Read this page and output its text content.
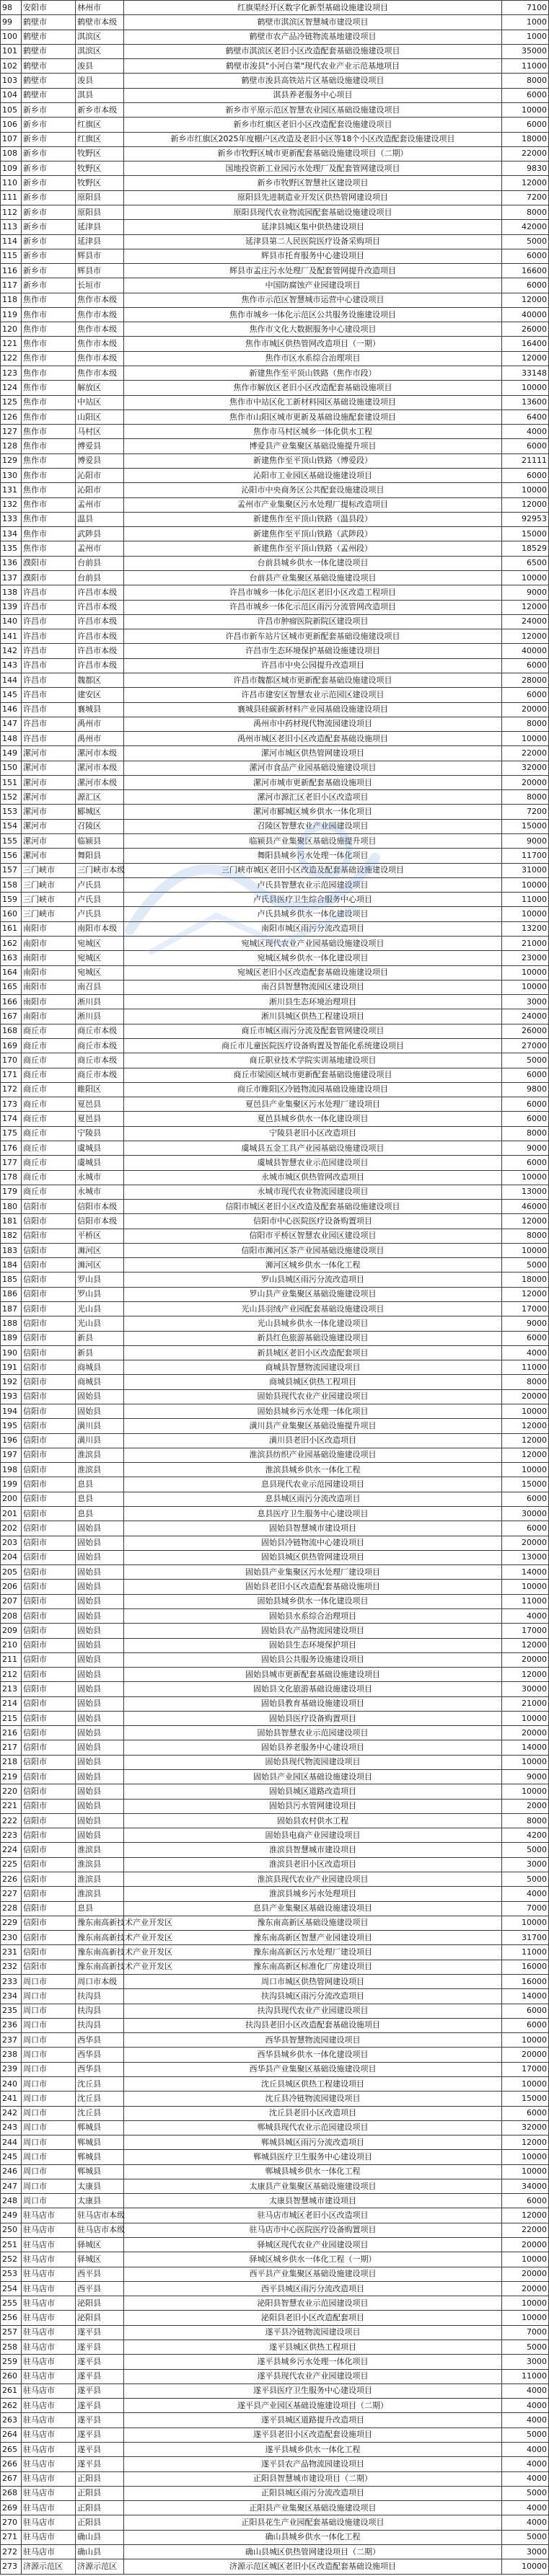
98	安阳市	林州市	红旗渠经开区数字化新型基础设施建设项目	7100
99	鹤壁市	鹤壁市本级	鹤壁市淇滨区智慧城市建设项目	1000
100	鹤壁市	淇滨区	鹤壁市农产品冷链物流基地建设项目	1000
101	鹤壁市	淇滨区	鹤壁市淇滨区老旧小区改造配套基础设施建设项目	35000
102	鹤壁市	浚县	鹤壁市浚县"小河白菜"现代农业产业示范基地项目	11000
103	鹤壁市	浚县	鹤壁市浚县高铁站片区基础设施建设项目	8000
104	鹤壁市	淇县	淇县养老服务中心项目	6000
105	新乡市	新乡市本级	新乡市平原示范区智慧农业园区基础设施建设项目	10000
106	新乡市	红旗区	新乡市红旗区老旧小区改造配套设施建设项目	6000
107	新乡市	红旗区	新乡市红旗区2025年度棚户区改造及老旧小区等18个小区改造配套设施建设项目	18000
108	新乡市	牧野区	新乡市牧野区城市更新配套基础设施建设项目（二期）	22000
109	新乡市	牧野区	国地投资新工业园污水处理厂及配套管网建设项目	9830
110	新乡市	牧野区	新乡市牧野区智慧社区建设项目	12000
111	新乡市	原阳县	原阳县先进制造业开发区供热管网建设项目	7200
112	新乡市	原阳县	原阳县现代农业物流园配套基础设施建设项目	8000
113	新乡市	延津县	延津县城区集中供热建设项目	42000
114	新乡市	延津县	延津县第二人民医院医疗设备采购项目	5000
115	新乡市	辉县市	辉县市托育服务中心建设项目	6000
116	新乡市	辉县市	辉县市孟庄污水处理厂及配套管网提升改造项目	16600
117	新乡市	长垣市	中国防腐蚀产业园建设项目	6000
118	焦作市	焦作市本级	焦作市示范区智慧城市运营中心建设项目	12000
119	焦作市	焦作市本级	焦作市城乡一体化示范区公共服务设施建设项目	40000
120	焦作市	焦作市本级	焦作市文化大数据服务中心建设项目	26000
121	焦作市	焦作市本级	焦作市城区供热管网改造项目（一期）	16400
122	焦作市	焦作市本级	焦作市区水系综合治理项目	12000
123	焦作市	焦作市本级	新建焦作至平顶山铁路（焦作市段）	33148
124	焦作市	解放区	焦作市解放区老旧小区改造配套基础设施项目	10000
125	焦作市	中站区	焦作市中站区化工新材料园区基础设施建设项目	13600
126	焦作市	山阳区	焦作市山阳区城市更新及基础设施配套建设项目	6400
127	焦作市	马村区	焦作市马村区城乡一体化供水工程	4000
128	焦作市	博爱县	博爱县产业集聚区基础设施提升项目	6000
129	焦作市	博爱县	新建焦作至平顶山铁路（博爱段）	21111
130	焦作市	沁阳市	沁阳市工业园区基础设施建设项目	6000
131	焦作市	沁阳市	沁阳市中央商务区公共配套设施建设项目	10000
132	焦作市	孟州市	孟州市产业集聚区污水处理厂提标改造项目	12000
133	焦作市	温县	新建焦作至平顶山铁路（温县段）	92953
134	焦作市	武陟县	新建焦作至平顶山铁路（武陟段）	15000
135	焦作市	孟州市	新建焦作至平顶山铁路（孟州段）	18529
136	濮阳市	台前县	台前县城乡供水一体化建设项目	6500
137	濮阳市	台前县	台前县产业集聚区基础设施建设项目	10000
138	许昌市	许昌市本级	许昌市城乡一体化示范区老旧小区改造工程项目	9000
139	许昌市	许昌市本级	许昌市城乡一体化示范区雨污分流管网改造项目	12000
140	许昌市	许昌市本级	许昌市肿瘤医院新院区建设项目	24000
141	许昌市	许昌市本级	许昌市新车站片区城市更新配套基础设施建设项目	12000
142	许昌市	许昌市本级	许昌市生态环境保护基础设施建设项目	40000
143	许昌市	许昌市本级	许昌市中央公园提升改造项目	6000
144	许昌市	魏都区	许昌市魏都区城市更新配套基础设施建设项目	28000
145	许昌市	建安区	许昌市建安区智慧农业示范园区建设项目	6000
146	许昌市	襄城县	襄城县硅碳新材料产业园基础设施建设项目	20000
147	许昌市	禹州市	禹州市中药材现代物流园建设项目	8000
148	许昌市	禹州市	禹州市城区老旧小区改造配套基础设施项目	10000
149	漯河市	漯河市本级	漯河市城区供热管网建设项目	22000
150	漯河市	漯河市本级	漯河市食品产业园基础设施建设项目	32000
151	漯河市	漯河市本级	漯河市城市更新配套基础设施项目	20000
152	漯河市	源汇区	漯河市源汇区老旧小区改造项目	8000
153	漯河市	郾城区	漯河市郾城区城乡供水一体化项目	7200
154	漯河市	召陵区	召陵区智慧农业产业园建设项目	15000
155	漯河市	临颍县	临颍县产业集聚区基础设施提升项目	9000
156	漯河市	舞阳县	舞阳县城乡污水处理一体化项目	11700
157	三门峡市	三门峡市本级	三门峡市城区老旧小区改造及配套基础设施建设项目	31000
158	三门峡市	卢氏县	卢氏县智慧农业示范园建设项目	10000
159	三门峡市	卢氏县	卢氏县医疗卫生综合服务中心项目	11000
160	三门峡市	卢氏县	卢氏县城乡供水一体化建设项目	10000
161	南阳市	南阳市本级	南阳市城区雨污分流改造项目	13200
162	南阳市	宛城区	宛城区现代农业产业园基础设施建设项目	21000
163	南阳市	宛城区	宛城区城乡供水一体化建设项目	23000
164	南阳市	宛城区	宛城区老旧小区改造配套基础设施建设项目	10000
165	南阳市	南召县	南召县智慧物流园区建设项目	10000
166	南阳市	淅川县	淅川县生态环境治理项目	3000
167	南阳市	淅川县	淅川县城区供热工程建设项目	24000
168	商丘市	商丘市本级	商丘市城区雨污分流及配套管网建设项目	26000
169	商丘市	商丘市本级	商丘市儿童医院医疗设备购置及智能化系统建设项目	27000
170	商丘市	商丘市本级	商丘职业技术学院实训基地建设项目	5000
171	商丘市	商丘市本级	商丘市梁园区城市更新配套基础设施建设项目	6000
172	商丘市	睢阳区	商丘市睢阳区冷链物流园基础设施建设项目	9800
173	商丘市	夏邑县	夏邑县产业集聚区污水处理厂建设项目	6000
174	商丘市	夏邑县	夏邑县城乡供水一体化建设项目	6000
175	商丘市	宁陵县	宁陵县老旧小区改造项目	8000
176	商丘市	虞城县	虞城县五金工具产业园基础设施建设项目	9000
177	商丘市	虞城县	虞城县智慧农业示范园建设项目	6000
178	商丘市	永城市	永城市城区供热管网改造项目	10000
179	商丘市	永城市	永城市现代农业物流园建设项目	13000
180	信阳市	信阳市本级	信阳市城区老旧小区改造及配套基础设施建设项目	46000
181	信阳市	信阳市本级	信阳市中心医院医疗设备购置项目	12000
182	信阳市	平桥区	信阳市平桥区智慧农业园区建设项目	8000
183	信阳市	浉河区	信阳市浉河区茶产业园基础设施建设项目	10000
184	信阳市	浉河区	浉河区城乡供水一体化工程	5000
185	信阳市	罗山县	罗山县城区雨污分流改造项目	18000
186	信阳市	罗山县	罗山县产业集聚区基础设施建设项目	12000
187	信阳市	光山县	光山县羽绒产业园配套基础设施建设项目	17000
188	信阳市	光山县	光山县城乡供水一体化建设项目	9000
189	信阳市	新县	新县红色旅游基础设施建设项目	6000
190	信阳市	新县	新县城区老旧小区改造配套项目	4000
191	信阳市	商城县	商城县智慧物流园建设项目	11000
192	信阳市	商城县	商城县城区供热工程项目	8000
193	信阳市	固始县	固始县现代农业产业园建设项目	20000
194	信阳市	固始县	固始县城乡污水处理一体化项目	10000
195	信阳市	潢川县	潢川县产业集聚区基础设施提升项目	12000
196	信阳市	潢川县	潢川县老旧小区改造项目	12000
197	信阳市	淮滨县	淮滨县纺织产业园基础设施建设项目	12000
198	信阳市	淮滨县	淮滨县城乡供水一体化工程	10000
199	信阳市	息县	息县现代农业示范园建设项目	15000
200	信阳市	息县	息县城区雨污分流改造项目	6000
201	信阳市	息县	息县医疗卫生服务中心建设项目	30000
202	信阳市	固始县	固始县智慧城市建设项目	6000
203	信阳市	固始县	固始县冷链物流中心建设项目	20000
204	信阳市	固始县	固始县城区供热管网建设项目	13000
205	信阳市	固始县	固始县产业集聚区污水处理厂建设项目	14000
206	信阳市	固始县	固始县老旧小区改造配套基础设施项目	10000
207	信阳市	固始县	固始县城乡供水一体化建设项目	11000
208	信阳市	固始县	固始县水系综合治理项目	4000
209	信阳市	固始县	固始县农产品物流园建设项目	17000
210	信阳市	固始县	固始县生态环境保护项目	12000
211	信阳市	固始县	固始县公共服务设施建设项目	20000
212	信阳市	固始县	固始县城市更新配套基础设施建设项目	12000
213	信阳市	固始县	固始县文化旅游基础设施建设项目	30000
214	信阳市	固始县	固始县教育基础设施建设项目	21000
215	信阳市	固始县	固始县医疗设备购置项目	10000
216	信阳市	固始县	固始县智慧农业示范园建设项目	20000
217	信阳市	固始县	固始县养老服务中心建设项目	14000
218	信阳市	固始县	固始县现代物流园建设项目	10000
219	信阳市	固始县	固始县产业园区基础设施建设项目	9000
220	信阳市	固始县	固始县城区道路改造项目	10000
221	信阳市	固始县	固始县污水管网建设项目	2000
222	信阳市	固始县	固始县农村供水工程	8000
223	信阳市	固始县	固始县电商产业园建设项目	4200
224	信阳市	淮滨县	淮滨县智慧城市建设项目	5000
225	信阳市	淮滨县	淮滨县老旧小区改造项目	3000
226	信阳市	淮滨县	淮滨县现代农业产业园建设项目	5000
227	信阳市	淮滨县	淮滨县城乡污水处理项目	4000
228	信阳市	息县	息县产业集聚区基础设施建设项目	7000
229	信阳市	豫东南高新技术产业开发区	豫东南高新区基础设施建设项目	10000
230	信阳市	豫东南高新技术产业开发区	豫东南高新区智慧产业园建设项目	31700
231	信阳市	豫东南高新技术产业开发区	豫东南高新区污水处理厂建设项目	11000
232	信阳市	豫东南高新技术产业开发区	豫东南高新区标准化厂房建设项目	16000
233	周口市	周口市本级	周口市城区供热管网建设项目	16000
234	周口市	扶沟县	扶沟县城区雨污分流改造项目	14000
235	周口市	扶沟县	扶沟县现代农业产业园建设项目	6000
236	周口市	扶沟县	扶沟县老旧小区改造配套基础设施项目	6000
237	周口市	西华县	西华县智慧物流园建设项目	10000
238	周口市	西华县	西华县城乡供水一体化建设项目	20000
239	周口市	西华县	西华县产业集聚区基础设施建设项目	17000
240	周口市	沈丘县	沈丘县城区供热工程建设项目	10000
241	周口市	沈丘县	沈丘县冷链物流园建设项目	15000
242	周口市	沈丘县	沈丘县老旧小区改造项目	6000
243	周口市	郸城县	郸城县现代农业示范园建设项目	32000
244	周口市	郸城县	郸城县城区雨污分流改造项目	12000
245	周口市	郸城县	郸城县医疗卫生服务中心建设项目	10000
246	周口市	郸城县	郸城县城乡供水一体化工程	10000
247	周口市	太康县	太康县产业集聚区基础设施建设项目	34000
248	周口市	太康县	太康县智慧城市建设项目	6000
249	驻马店市	驻马店市本级	驻马店市城区老旧小区改造项目	12000
250	驻马店市	驻马店市本级	驻马店市中心医院医疗设备购置项目	22000
251	驻马店市	驿城区	驿城区现代农业产业园建设项目	20000
252	驻马店市	驿城区	驿城区城乡供水一体化工程（一期）	10000
253	驻马店市	西平县	西平县产业集聚区基础设施建设项目	20000
254	驻马店市	西平县	西平县城区雨污分流改造项目	20000
255	驻马店市	泌阳县	泌阳县智慧农业示范园建设项目	10000
256	驻马店市	泌阳县	泌阳县老旧小区改造配套项目	10000
257	驻马店市	遂平县	遂平县冷链物流园建设项目	7000
258	驻马店市	遂平县	遂平县城区供热工程项目	5000
259	驻马店市	遂平县	遂平县城乡污水处理一体化项目	3000
260	驻马店市	遂平县	遂平县现代农业产业园建设项目	11000
261	驻马店市	遂平县	遂平县医疗卫生服务中心建设项目	4000
262	驻马店市	遂平县	遂平县产业园区基础设施建设项目（二期）	4000
263	驻马店市	遂平县	遂平县城区道路提升改造项目	4000
264	驻马店市	遂平县	遂平县老旧小区改造配套设施项目	5000
265	驻马店市	遂平县	遂平县城乡供水一体化工程	4000
266	驻马店市	遂平县	遂平县农产品物流园建设项目	4000
267	驻马店市	正阳县	正阳县智慧城市建设项目（二期）	4000
268	驻马店市	正阳县	正阳县城区雨污分流改造项目	5000
269	驻马店市	正阳县	正阳县产业集聚区基础设施建设项目	4000
270	驻马店市	正阳县	正阳县花生产业园配套基础设施建设项目	4000
271	驻马店市	确山县	确山县城乡供水一体化工程	5000
272	驻马店市	确山县	确山县城区供热管网建设项目（二期）	3000
273	济源示范区	济源示范区	济源示范区城区老旧小区改造配套基础设施项目	10000
